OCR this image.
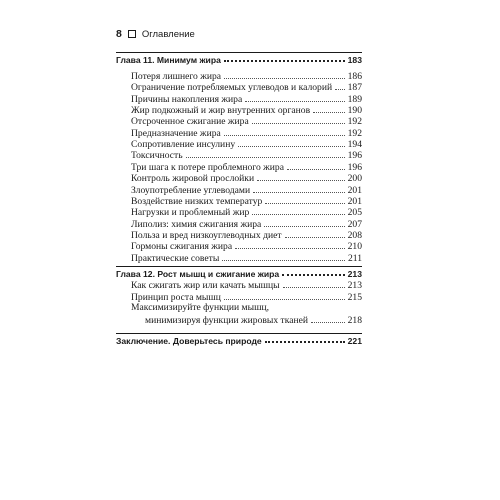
8 Оглавление
Глава 11. Минимум жира	183
Потеря лишнего жира	186
Ограничение потребляемых углеводов и калорий 187
Причины накопления жира	189
Жир подкожный и жир внутренних органов	190
Отсроченное сжигание жира	192
Предназначение жира	192
Сопротивление инсулину	194
Токсичность	196
Три шага к потере проблемного жира	196
Контроль жировой прослойки	200
Злоупотребление углеводами	201
Воздействие низких температур	201
Нагрузки и проблемный жир	205
Липолиз: химия сжигания жира	207
Польза и вред низкоуглеводных диет	208
Гормоны сжигания жира	210
Практические советы	211
Глава 12. Рост мышц и сжигание жира	213
Как сжигать жир или качать мышцы	213
Принцип роста мышц	215
Максимизируйте функции мышц,
минимизируя функции жировых тканей	218
Заключение. Доверьтесь природе	221
